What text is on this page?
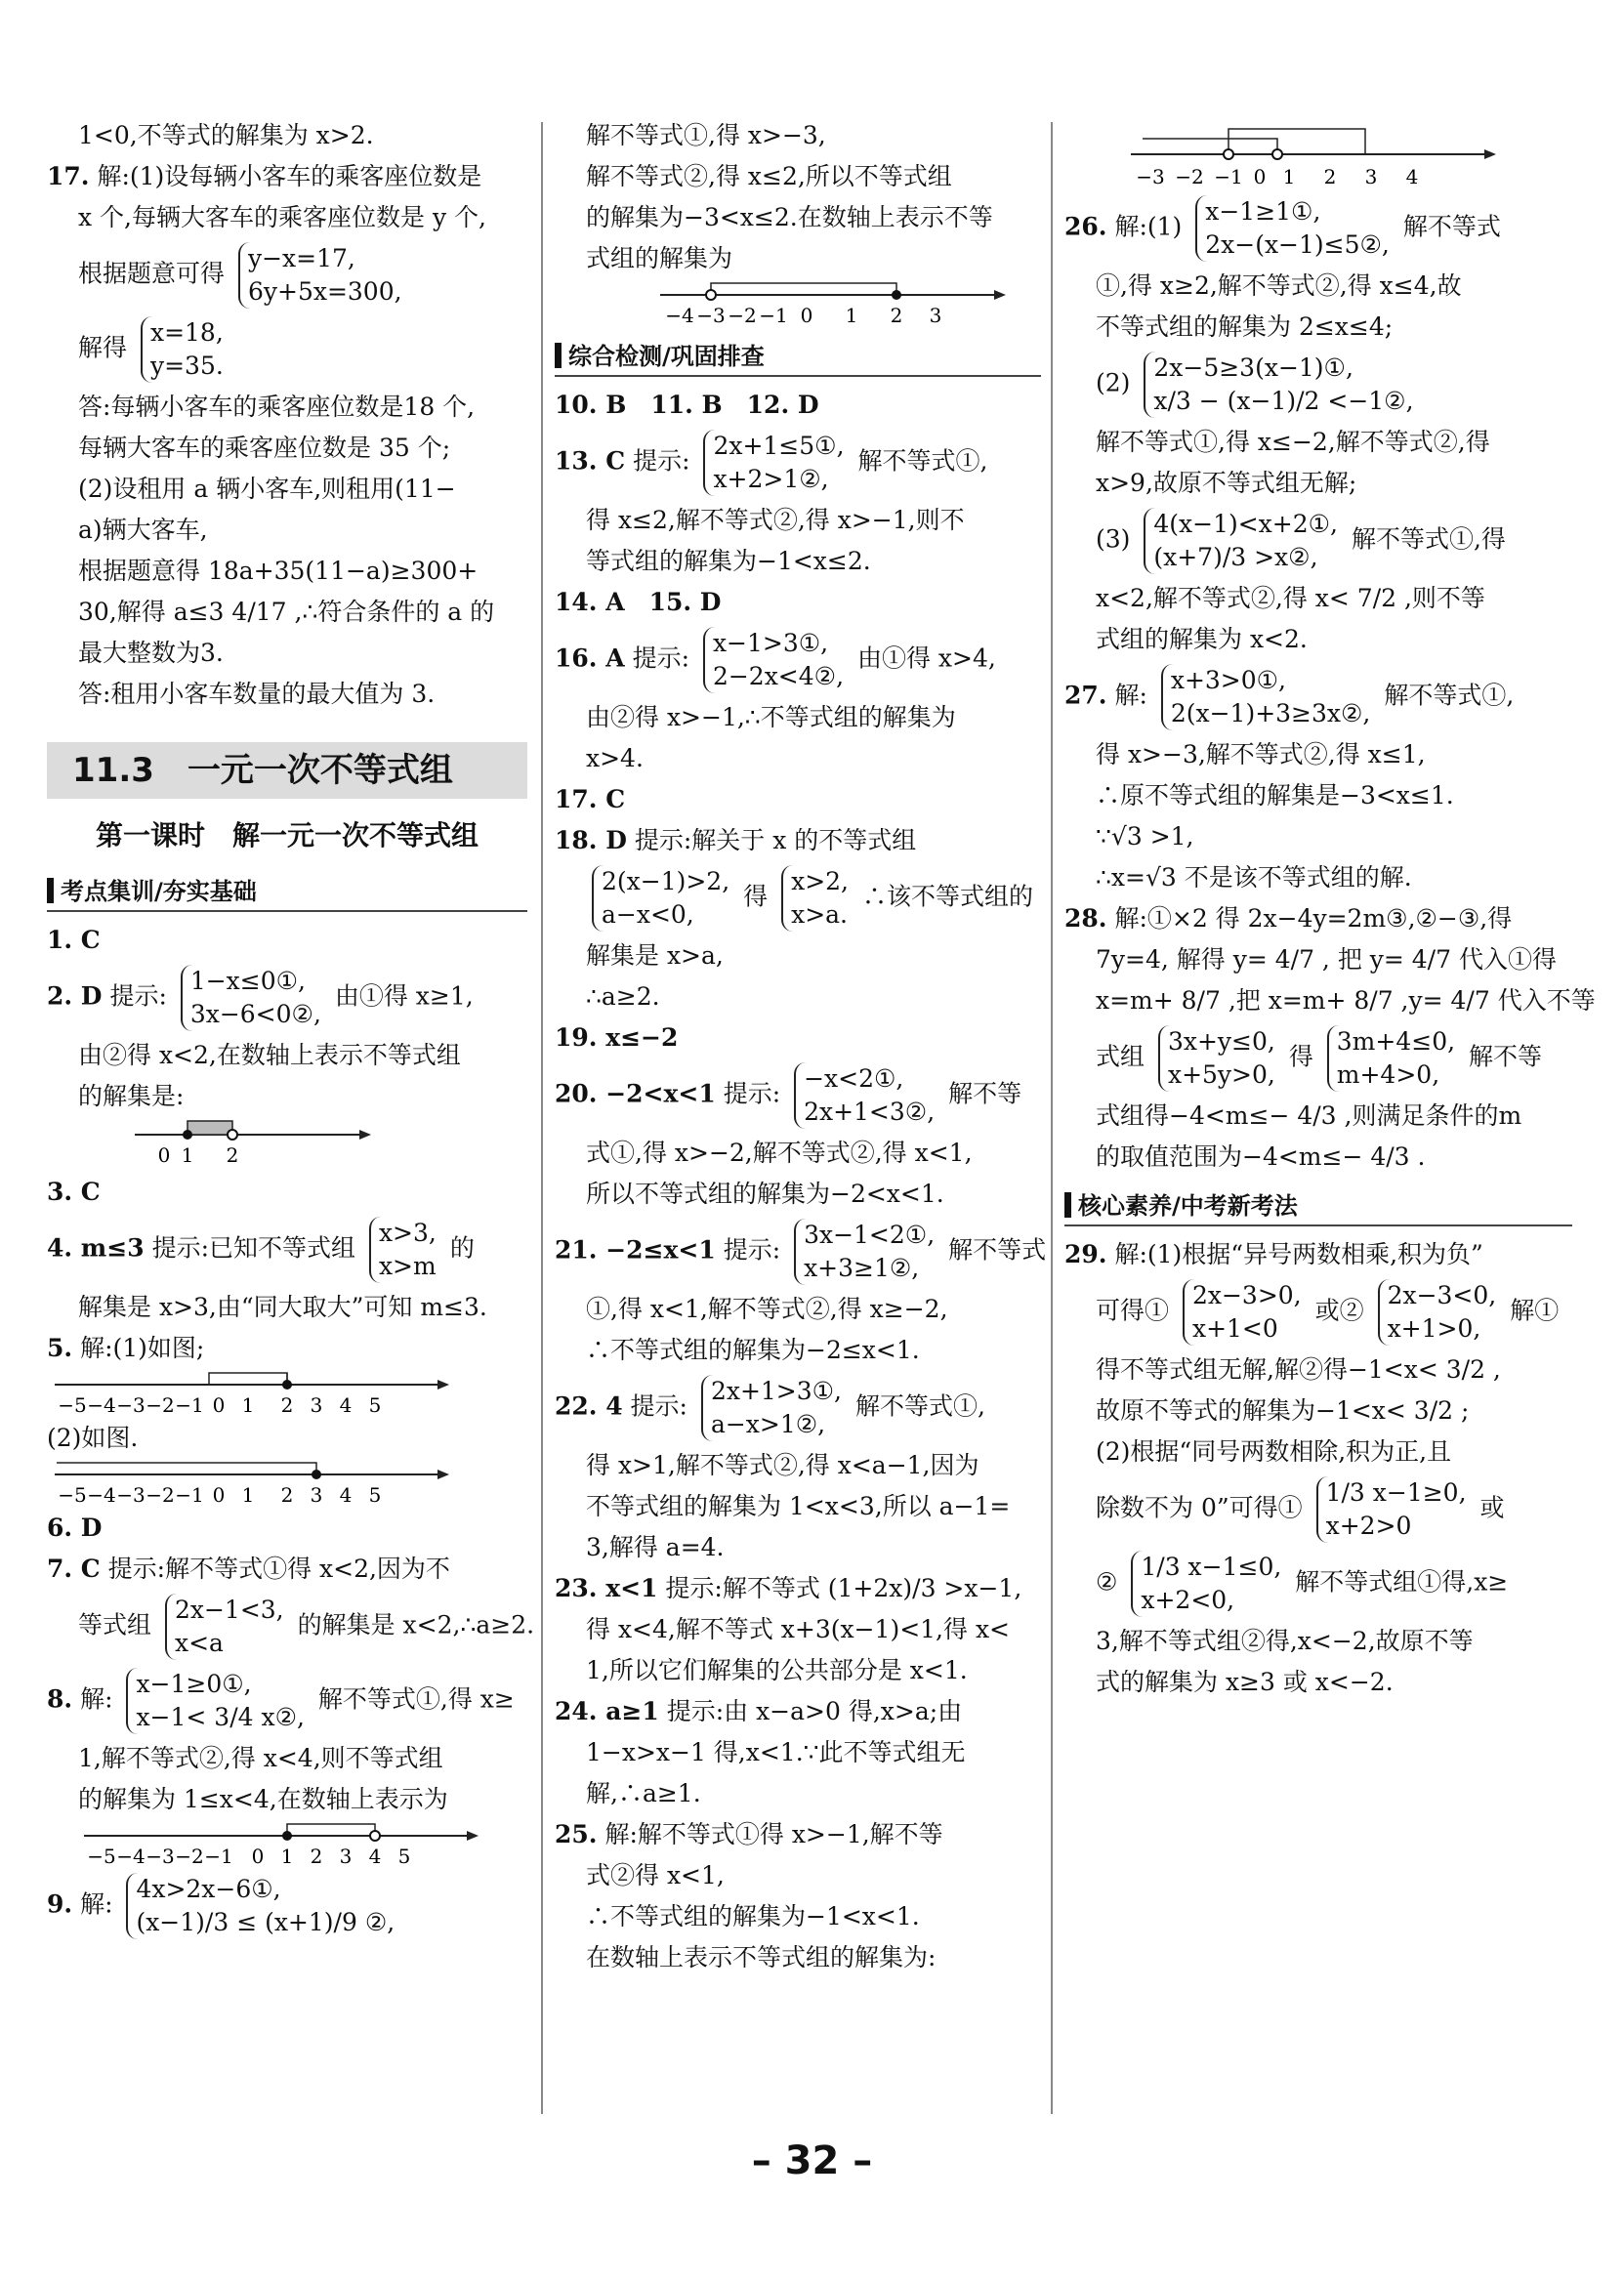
1<0,不等式的解集为 x>2.
17. 解:(1)设每辆小客车的乘客座位数是
x 个,每辆大客车的乘客座位数是 y 个,
根据题意可得
y−x=17,
6y+5x=300,
解得
x=18,
y=35.
答:每辆小客车的乘客座位数是18 个,
每辆大客车的乘客座位数是 35 个;
(2)设租用 a 辆小客车,则租用(11−
a)辆大客车,
根据题意得 18a+35(11−a)≥300+
30,解得 a≤3 4/17 ,∴符合条件的 a 的
最大整数为3.
答:租用小客车数量的最大值为 3.
11.3　一元一次不等式组
第一课时　解一元一次不等式组
考点集训/夯实基础
1. C
2. D 提示:
1−x≤0①,
3x−6<0②,
由①得 x≥1,
由②得 x<2,在数轴上表示不等式组
的解集是:
0 1 2
3. C
4. m≤3 提示:已知不等式组
x>3,
x>m
的
解集是 x>3,由“同大取大”可知 m≤3.
5. 解:(1)如图;
−5 −4 −3 −2 −1 0 1 2 3 4 5
(2)如图.
−5 −4 −3 −2 −1 0 1 2 3 4 5
6. D
7. C 提示:解不等式①得 x<2,因为不
等式组
2x−1<3,
x<a
的解集是 x<2,∴a≥2.
8. 解:
x−1≥0①,
x−1< 3/4 x②,
解不等式①,得 x≥
1,解不等式②,得 x<4,则不等式组
的解集为 1≤x<4,在数轴上表示为
−5 −4 −3 −2 −1 0 1 2 3 4 5
9. 解:
4x>2x−6①,
(x−1)/3 ≤ (x+1)/9 ②,
解不等式①,得 x>−3,
解不等式②,得 x≤2,所以不等式组
的解集为−3<x≤2.在数轴上表示不等
式组的解集为
−4 −3 −2 −1 0 1 2 3
综合检测/巩固排查
10. B　11. B　12. D
13. C 提示:
2x+1≤5①,
x+2>1②,
解不等式①,
得 x≤2,解不等式②,得 x>−1,则不
等式组的解集为−1<x≤2.
14. A　15. D
16. A 提示:
x−1>3①,
2−2x<4②,
由①得 x>4,
由②得 x>−1,∴不等式组的解集为
x>4.
17. C
18. D 提示:解关于 x 的不等式组
2(x−1)>2,
a−x<0,
得
x>2,
x>a.
∴该不等式组的
解集是 x>a,
∴a≥2.
19. x≤−2
20. −2<x<1 提示:
−x<2①,
2x+1<3②,
解不等
式①,得 x>−2,解不等式②,得 x<1,
所以不等式组的解集为−2<x<1.
21. −2≤x<1 提示:
3x−1<2①,
x+3≥1②,
解不等式
①,得 x<1,解不等式②,得 x≥−2,
∴不等式组的解集为−2≤x<1.
22. 4 提示:
2x+1>3①,
a−x>1②,
解不等式①,
得 x>1,解不等式②,得 x<a−1,因为
不等式组的解集为 1<x<3,所以 a−1=
3,解得 a=4.
23. x<1 提示:解不等式 (1+2x)/3 >x−1,
得 x<4,解不等式 x+3(x−1)<1,得 x<
1,所以它们解集的公共部分是 x<1.
24. a≥1 提示:由 x−a>0 得,x>a;由
1−x>x−1 得,x<1.∵此不等式组无
解,∴a≥1.
25. 解:解不等式①得 x>−1,解不等
式②得 x<1,
∴不等式组的解集为−1<x<1.
在数轴上表示不等式组的解集为:
−3 −2 −1 0 1 2 3 4
26. 解:(1)
x−1≥1①,
2x−(x−1)≤5②,
解不等式
①,得 x≥2,解不等式②,得 x≤4,故
不等式组的解集为 2≤x≤4;
(2)
2x−5≥3(x−1)①,
x/3 − (x−1)/2 <−1②,
解不等式①,得 x≤−2,解不等式②,得
x>9,故原不等式组无解;
(3)
4(x−1)<x+2①,
(x+7)/3 >x②,
解不等式①,得
x<2,解不等式②,得 x< 7/2 ,则不等
式组的解集为 x<2.
27. 解:
x+3>0①,
2(x−1)+3≥3x②,
解不等式①,
得 x>−3,解不等式②,得 x≤1,
∴原不等式组的解集是−3<x≤1.
∵√3 >1,
∴x=√3 不是该不等式组的解.
28. 解:①×2 得 2x−4y=2m③,②−③,得
7y=4, 解得 y= 4/7 , 把 y= 4/7 代入①得
x=m+ 8/7 ,把 x=m+ 8/7 ,y= 4/7 代入不等
式组
3x+y≤0,
x+5y>0,
得
3m+4≤0,
m+4>0,
解不等
式组得−4<m≤− 4/3 ,则满足条件的m
的取值范围为−4<m≤− 4/3 .
核心素养/中考新考法
29. 解:(1)根据“异号两数相乘,积为负”
可得①
2x−3>0,
x+1<0
或②
2x−3<0,
x+1>0,
解①
得不等式组无解,解②得−1<x< 3/2 ,
故原不等式的解集为−1<x< 3/2 ;
(2)根据“同号两数相除,积为正,且
除数不为 0”可得①
1/3 x−1≥0,
x+2>0
或
②
1/3 x−1≤0,
x+2<0,
解不等式组①得,x≥
3,解不等式组②得,x<−2,故原不等
式的解集为 x≥3 或 x<−2.
– 32 –
